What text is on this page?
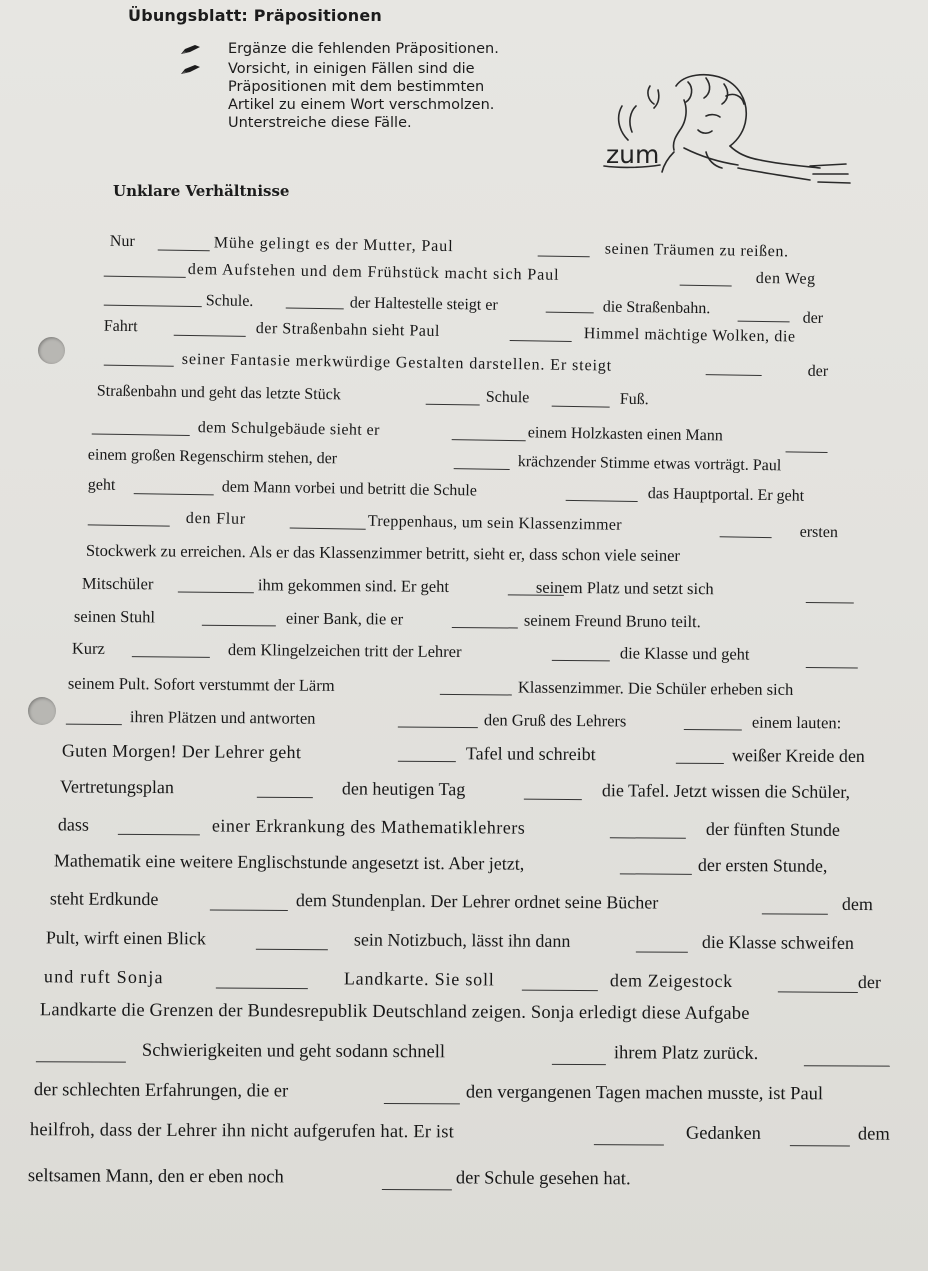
Übungsblatt: Präpositionen
Ergänze die fehlenden Präpositionen.
Vorsicht, in einigen Fällen sind die
Präpositionen mit dem bestimmten
Artikel zu einem Wort verschmolzen.
Unterstreiche diese Fälle.
zum
Unklare Verhältnisse
Nur	Mühe gelingt es der Mutter, Paul	seinen Träumen zu reißen.
dem Aufstehen und dem Frühstück macht sich Paul	den Weg
Schule.	der Haltestelle steigt er	die Straßenbahn.
der
Fahrt	der Straßenbahn sieht Paul	Himmel mächtige Wolken, die
seiner Fantasie merkwürdige Gestalten darstellen. Er steigt	der
Straßenbahn und geht das letzte Stück	Schule	Fuß.
dem Schulgebäude sieht er	einem Holzkasten einen Mann
einem großen Regenschirm stehen, der	krächzender Stimme etwas vorträgt. Paul
geht	dem Mann vorbei und betritt die Schule	das Hauptportal. Er geht
den Flur	Treppenhaus, um sein Klassenzimmer	ersten
Stockwerk zu erreichen. Als er das Klassenzimmer betritt, sieht er, dass schon viele seiner
Mitschüler	ihm gekommen sind. Er geht	seinem Platz und setzt sich
seinen Stuhl	einer Bank, die er	seinem Freund Bruno teilt.
Kurz	dem Klingelzeichen tritt der Lehrer	die Klasse und geht
seinem Pult. Sofort verstummt der Lärm	Klassenzimmer. Die Schüler erheben sich
ihren Plätzen und antworten	den Gruß des Lehrers	einem lauten:
Guten Morgen! Der Lehrer geht	Tafel und schreibt	weißer Kreide den
Vertretungsplan	den heutigen Tag	die Tafel. Jetzt wissen die Schüler,
dass	einer Erkrankung des Mathematiklehrers	der fünften Stunde
Mathematik eine weitere Englischstunde angesetzt ist. Aber jetzt,	der ersten Stunde,
steht Erdkunde	dem Stundenplan. Der Lehrer ordnet seine Bücher	dem
Pult, wirft einen Blick	sein Notizbuch, lässt ihn dann	die Klasse schweifen
und ruft Sonja	Landkarte. Sie soll	dem Zeigestock	der
Landkarte die Grenzen der Bundesrepublik Deutschland zeigen. Sonja erledigt diese Aufgabe
Schwierigkeiten und geht sodann schnell	ihrem Platz zurück.
der schlechten Erfahrungen, die er	den vergangenen Tagen machen musste, ist Paul
heilfroh, dass der Lehrer ihn nicht aufgerufen hat. Er ist	Gedanken	dem
seltsamen Mann, den er eben noch	der Schule gesehen hat.
